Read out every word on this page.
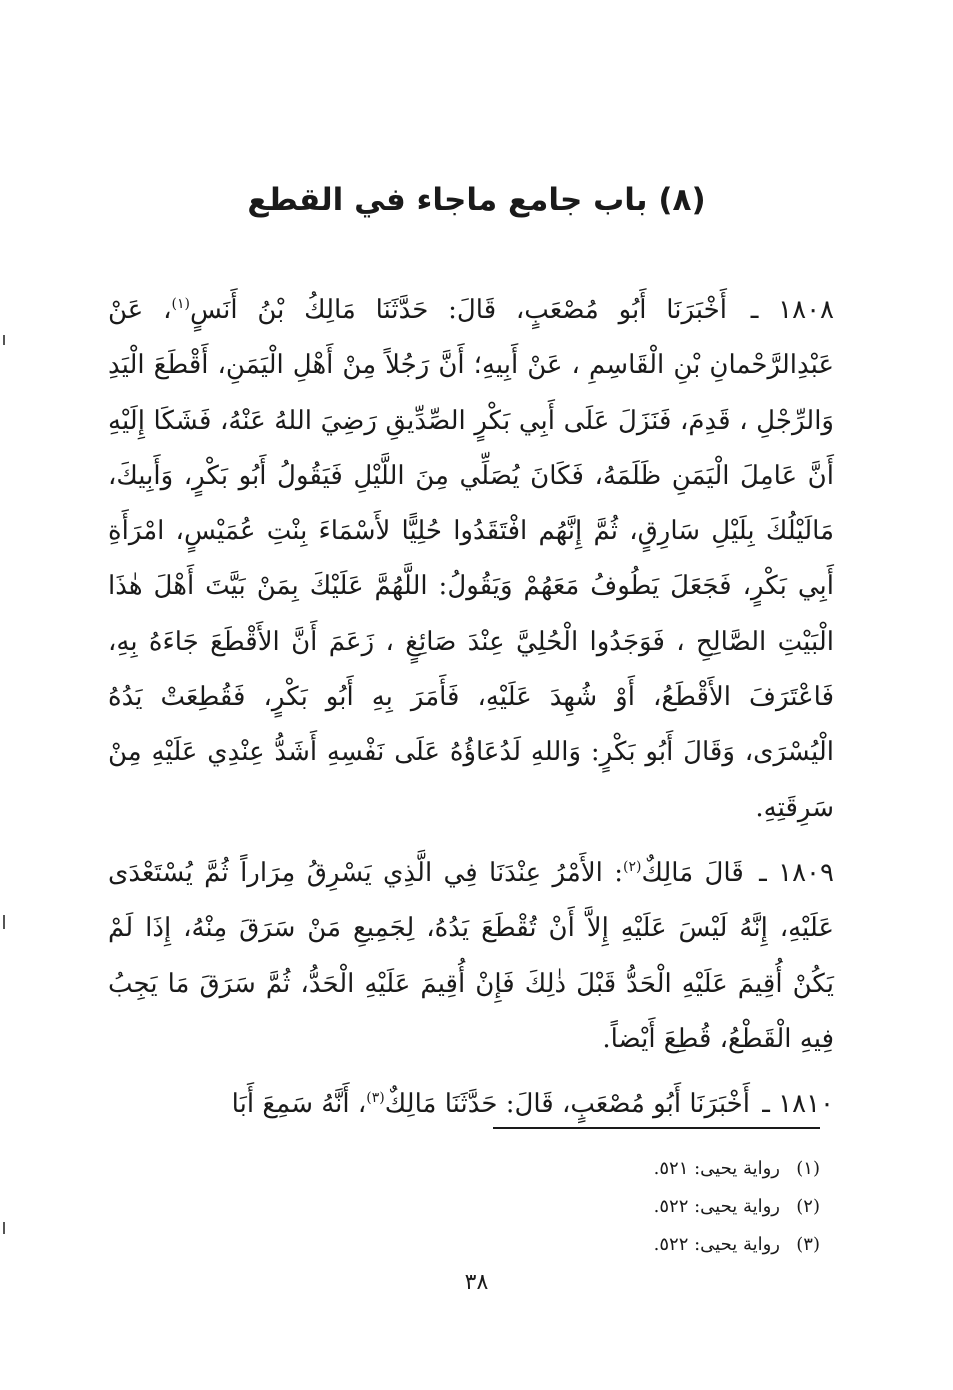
(٨) باب جامع ماجاء في القطع

١٨٠٨ ـ أَخْبَرَنَا أَبُو مُصْعَبٍ، قَالَ: حَدَّثَنَا مَالِكُ بْنُ أَنَسٍ$^{(١)}$، عَنْ عَبْدِالرَّحْمانِ بْنِ الْقَاسِمِ ، عَنْ أَبِيهِ؛ أَنَّ رَجُلاً مِنْ أَهْلِ الْيَمَنِ، أَقْطَعَ الْيَدِ وَالرِّجْلِ ، قَدِمَ، فَنَزَلَ عَلَى أَبِي بَكْرٍ الصِّدِّيقِ رَضِيَ اللهُ عَنْهُ، فَشَكَا إِلَيْهِ أَنَّ عَامِلَ الْيَمَنِ ظَلَمَهُ، فَكَانَ يُصَلِّي مِنَ اللَّيْلِ فَيَقُولُ أَبُو بَكْرٍ، وَأَبِيكَ، مَالَيْلُكَ بِلَيْلِ سَارِقٍ، ثُمَّ إِنَّهُم افْتَقَدُوا حُلِيًّا لأَسْمَاءَ بِنْتِ عُمَيْسٍ، امْرَأَةِ أَبِي بَكْرٍ، فَجَعَلَ يَطُوفُ مَعَهُمْ وَيَقُولُ: اللَّهُمَّ عَلَيْكَ بِمَنْ بَيَّتَ أَهْلَ هٰذَا الْبَيْتِ الصَّالِحِ ، فَوَجَدُوا الْحُلِيَّ عِنْدَ صَائِغٍ ، زَعَمَ أَنَّ الأَقْطَعَ جَاءَهُ بِهِ، فَاعْتَرَفَ الأَقْطَعُ، أَوْ شُهِدَ عَلَيْهِ، فَأَمَرَ بِهِ أَبُو بَكْرٍ، فَقُطِعَتْ يَدُهُ الْيُسْرَى، وَقَالَ أَبُو بَكْرٍ: وَاللهِ لَدُعَاؤُهُ عَلَى نَفْسِهِ أَشَدُّ عِنْدِي عَلَيْهِ مِنْ سَرِقَتِهِ.

١٨٠٩ ـ قَالَ مَالِكٌ$^{(٢)}$: الأَمْرُ عِنْدَنَا فِي الَّذِي يَسْرِقُ مِرَاراً ثُمَّ يُسْتَعْدَى عَلَيْهِ، إِنَّهُ لَيْسَ عَلَيْهِ إِلاَّ أَنْ تُقْطَعَ يَدُهُ، لِجَمِيعِ مَنْ سَرَقَ مِنْهُ، إِذَا لَمْ يَكُنْ أُقِيمَ عَلَيْهِ الْحَدُّ قَبْلَ ذٰلِكَ فَإِنْ أُقِيمَ عَلَيْهِ الْحَدُّ، ثُمَّ سَرَقَ مَا يَجِبُ فِيهِ الْقَطْعُ، قُطِعَ أَيْضاً.

١٨١٠ ـ أَخْبَرَنَا أَبُو مُصْعَبٍ، قَالَ: حَدَّثَنَا مَالِكٌ$^{(٣)}$، أَنَّهُ سَمِعَ أَبَا

(١)رواية يحيى: ٥٢١.
(٢)رواية يحيى: ٥٢٢.
(٣)رواية يحيى: ٥٢٢.
٣٨
